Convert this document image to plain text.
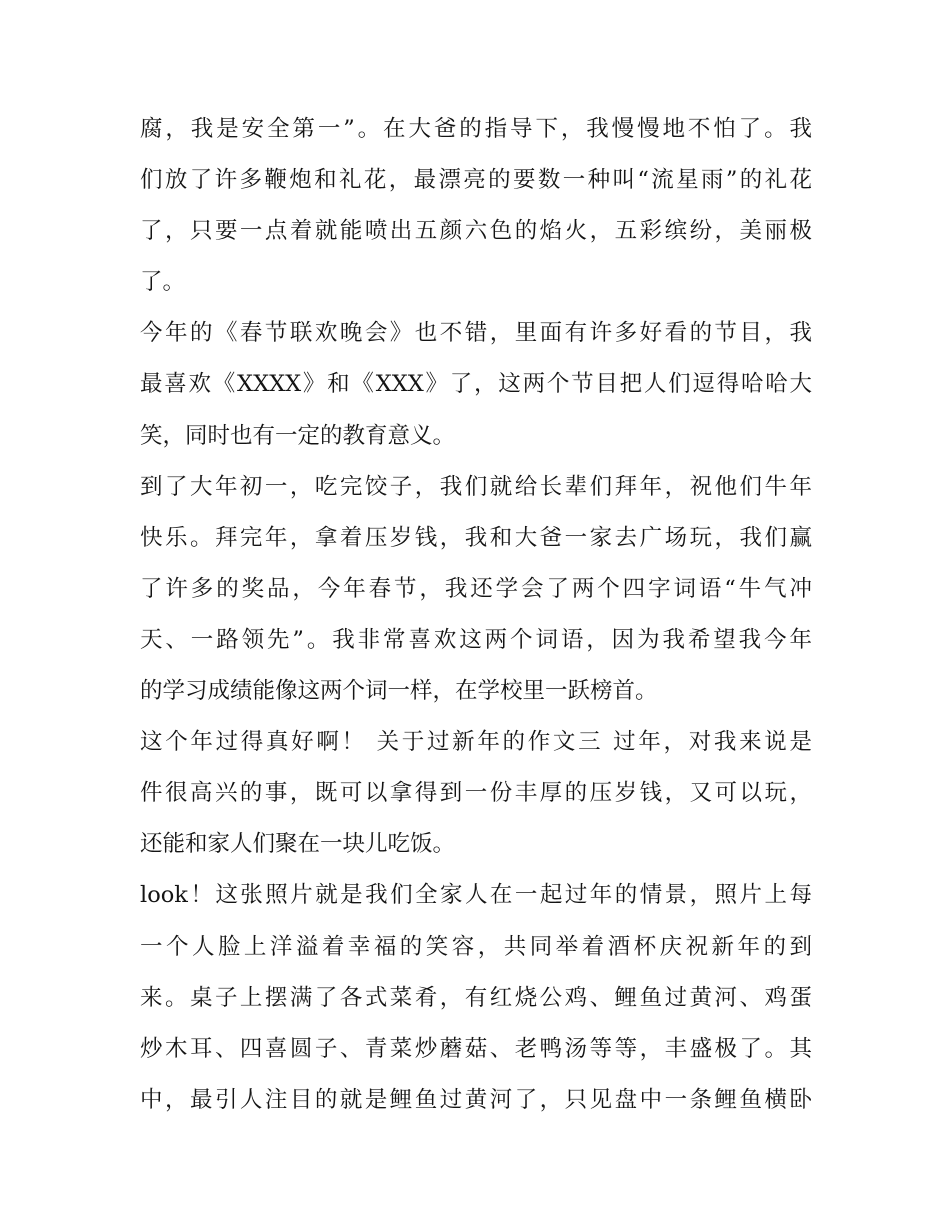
腐，我是安全第一”。在大爸的指导下，我慢慢地不怕了。我
们放了许多鞭炮和礼花，最漂亮的要数一种叫“流星雨”的礼花
了，只要一点着就能喷出五颜六色的焰火，五彩缤纷，美丽极
了。
今年的《春节联欢晚会》也不错，里面有许多好看的节目，我
最喜欢《XXXX》和《XXX》了，这两个节目把人们逗得哈哈大
笑，同时也有一定的教育意义。
到了大年初一，吃完饺子，我们就给长辈们拜年，祝他们牛年
快乐。拜完年，拿着压岁钱，我和大爸一家去广场玩，我们赢
了许多的奖品，今年春节，我还学会了两个四字词语“牛气冲
天、一路领先”。我非常喜欢这两个词语，因为我希望我今年
的学习成绩能像这两个词一样，在学校里一跃榜首。
这个年过得真好啊！ 关于过新年的作文三 过年，对我来说是
件很高兴的事，既可以拿得到一份丰厚的压岁钱，又可以玩，
还能和家人们聚在一块儿吃饭。
look！这张照片就是我们全家人在一起过年的情景，照片上每
一个人脸上洋溢着幸福的笑容，共同举着酒杯庆祝新年的到
来。桌子上摆满了各式菜肴，有红烧公鸡、鲤鱼过黄河、鸡蛋
炒木耳、四喜圆子、青菜炒蘑菇、老鸭汤等等，丰盛极了。其
中，最引人注目的就是鲤鱼过黄河了，只见盘中一条鲤鱼横卧
